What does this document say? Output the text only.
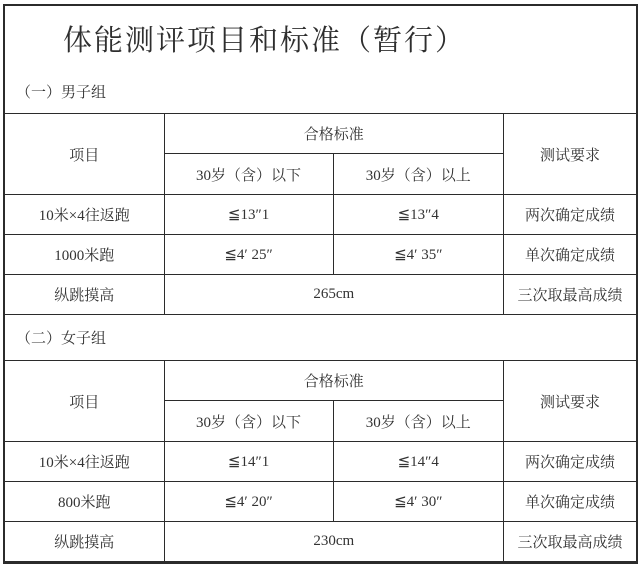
体能测评项目和标准（暂行）
（一）男子组
项目	合格标准		测试要求
	30岁（含）以下	30岁（含）以上	
10米×4往返跑	≦13″1	≦13″4	两次确定成绩
1000米跑	≦4′ 25″	≦4′ 35″	单次确定成绩
纵跳摸高	265cm		三次取最高成绩
（二）女子组
项目	合格标准		测试要求
	30岁（含）以下	30岁（含）以上	
10米×4往返跑	≦14″1	≦14″4	两次确定成绩
800米跑	≦4′ 20″	≦4′ 30″	单次确定成绩
纵跳摸高	230cm		三次取最高成绩
